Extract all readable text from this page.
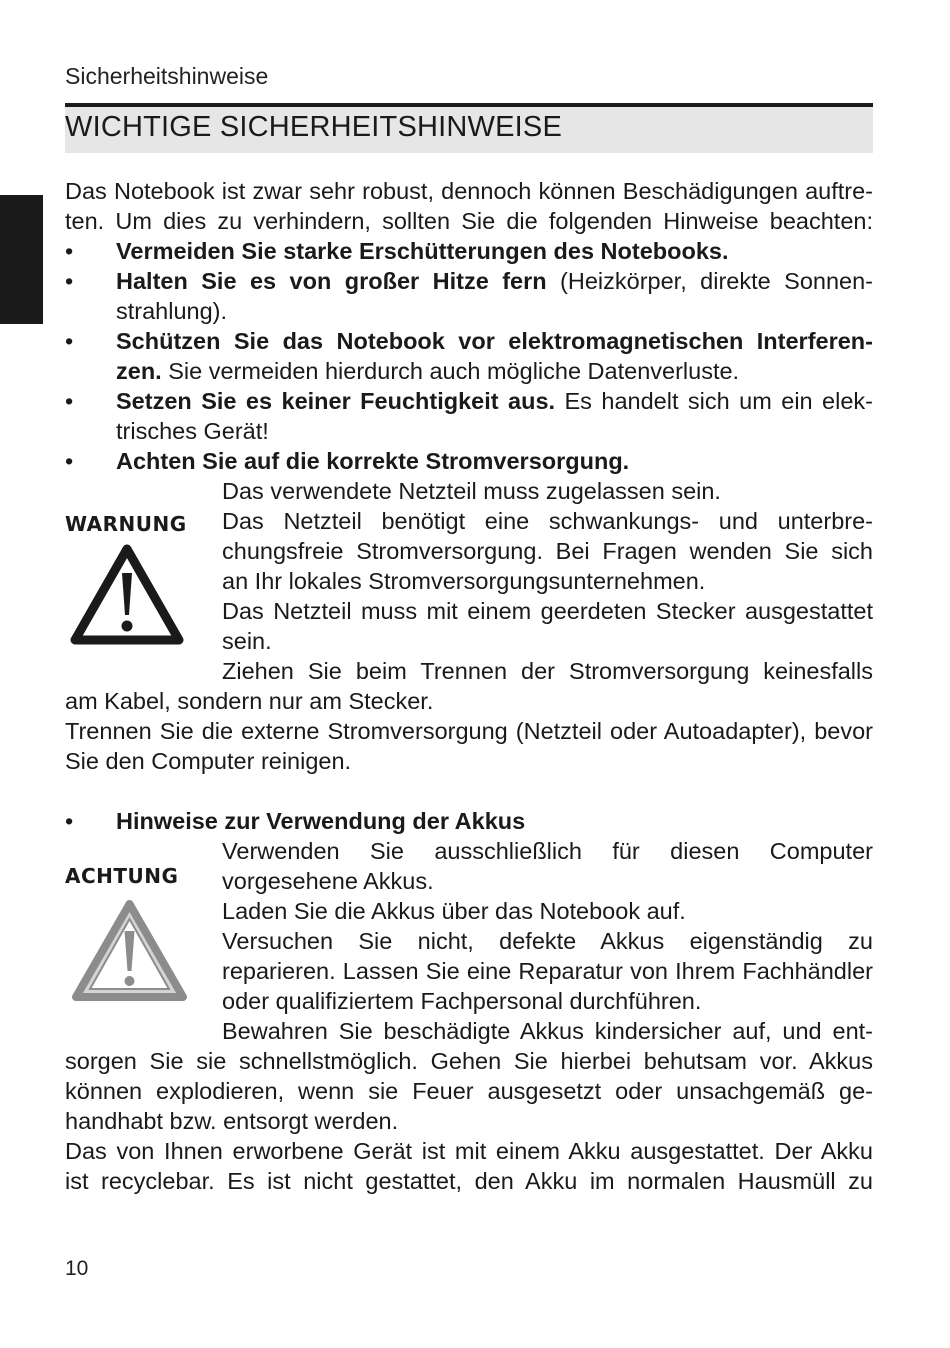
Sicherheitshinweise
WICHTIGE SICHERHEITSHINWEISE
Das Notebook ist zwar sehr robust, dennoch können Beschädigungen auftre-
ten. Um dies zu verhindern, sollten Sie die folgenden Hinweise beachten:
• Vermeiden Sie starke Erschütterungen des Notebooks.
• Halten Sie es von großer Hitze fern (Heizkörper, direkte Sonnen-
strahlung).
• Schützen Sie das Notebook vor elektromagnetischen Interferen-
zen. Sie vermeiden hierdurch auch mögliche Datenverluste.
• Setzen Sie es keiner Feuchtigkeit aus. Es handelt sich um ein elek-
trisches Gerät!
• Achten Sie auf die korrekte Stromversorgung.
WARNUNG
Das verwendete Netzteil muss zugelassen sein.
Das Netzteil benötigt eine schwankungs- und unterbre-
chungsfreie Stromversorgung. Bei Fragen wenden Sie sich
an Ihr lokales Stromversorgungsunternehmen.
Das Netzteil muss mit einem geerdeten Stecker ausgestattet
sein.
Ziehen Sie beim Trennen der Stromversorgung keinesfalls
am Kabel, sondern nur am Stecker.
Trennen Sie die externe Stromversorgung (Netzteil oder Autoadapter), bevor
Sie den Computer reinigen.
• Hinweise zur Verwendung der Akkus
ACHTUNG
Verwenden Sie ausschließlich für diesen Computer
vorgesehene Akkus.
Laden Sie die Akkus über das Notebook auf.
Versuchen Sie nicht, defekte Akkus eigenständig zu
reparieren. Lassen Sie eine Reparatur von Ihrem Fachhändler
oder qualifiziertem Fachpersonal durchführen.
Bewahren Sie beschädigte Akkus kindersicher auf, und ent-
sorgen Sie sie schnellstmöglich. Gehen Sie hierbei behutsam vor. Akkus
können explodieren, wenn sie Feuer ausgesetzt oder unsachgemäß ge-
handhabt bzw. entsorgt werden.
Das von Ihnen erworbene Gerät ist mit einem Akku ausgestattet. Der Akku
ist recyclebar. Es ist nicht gestattet, den Akku im normalen Hausmüll zu
10
